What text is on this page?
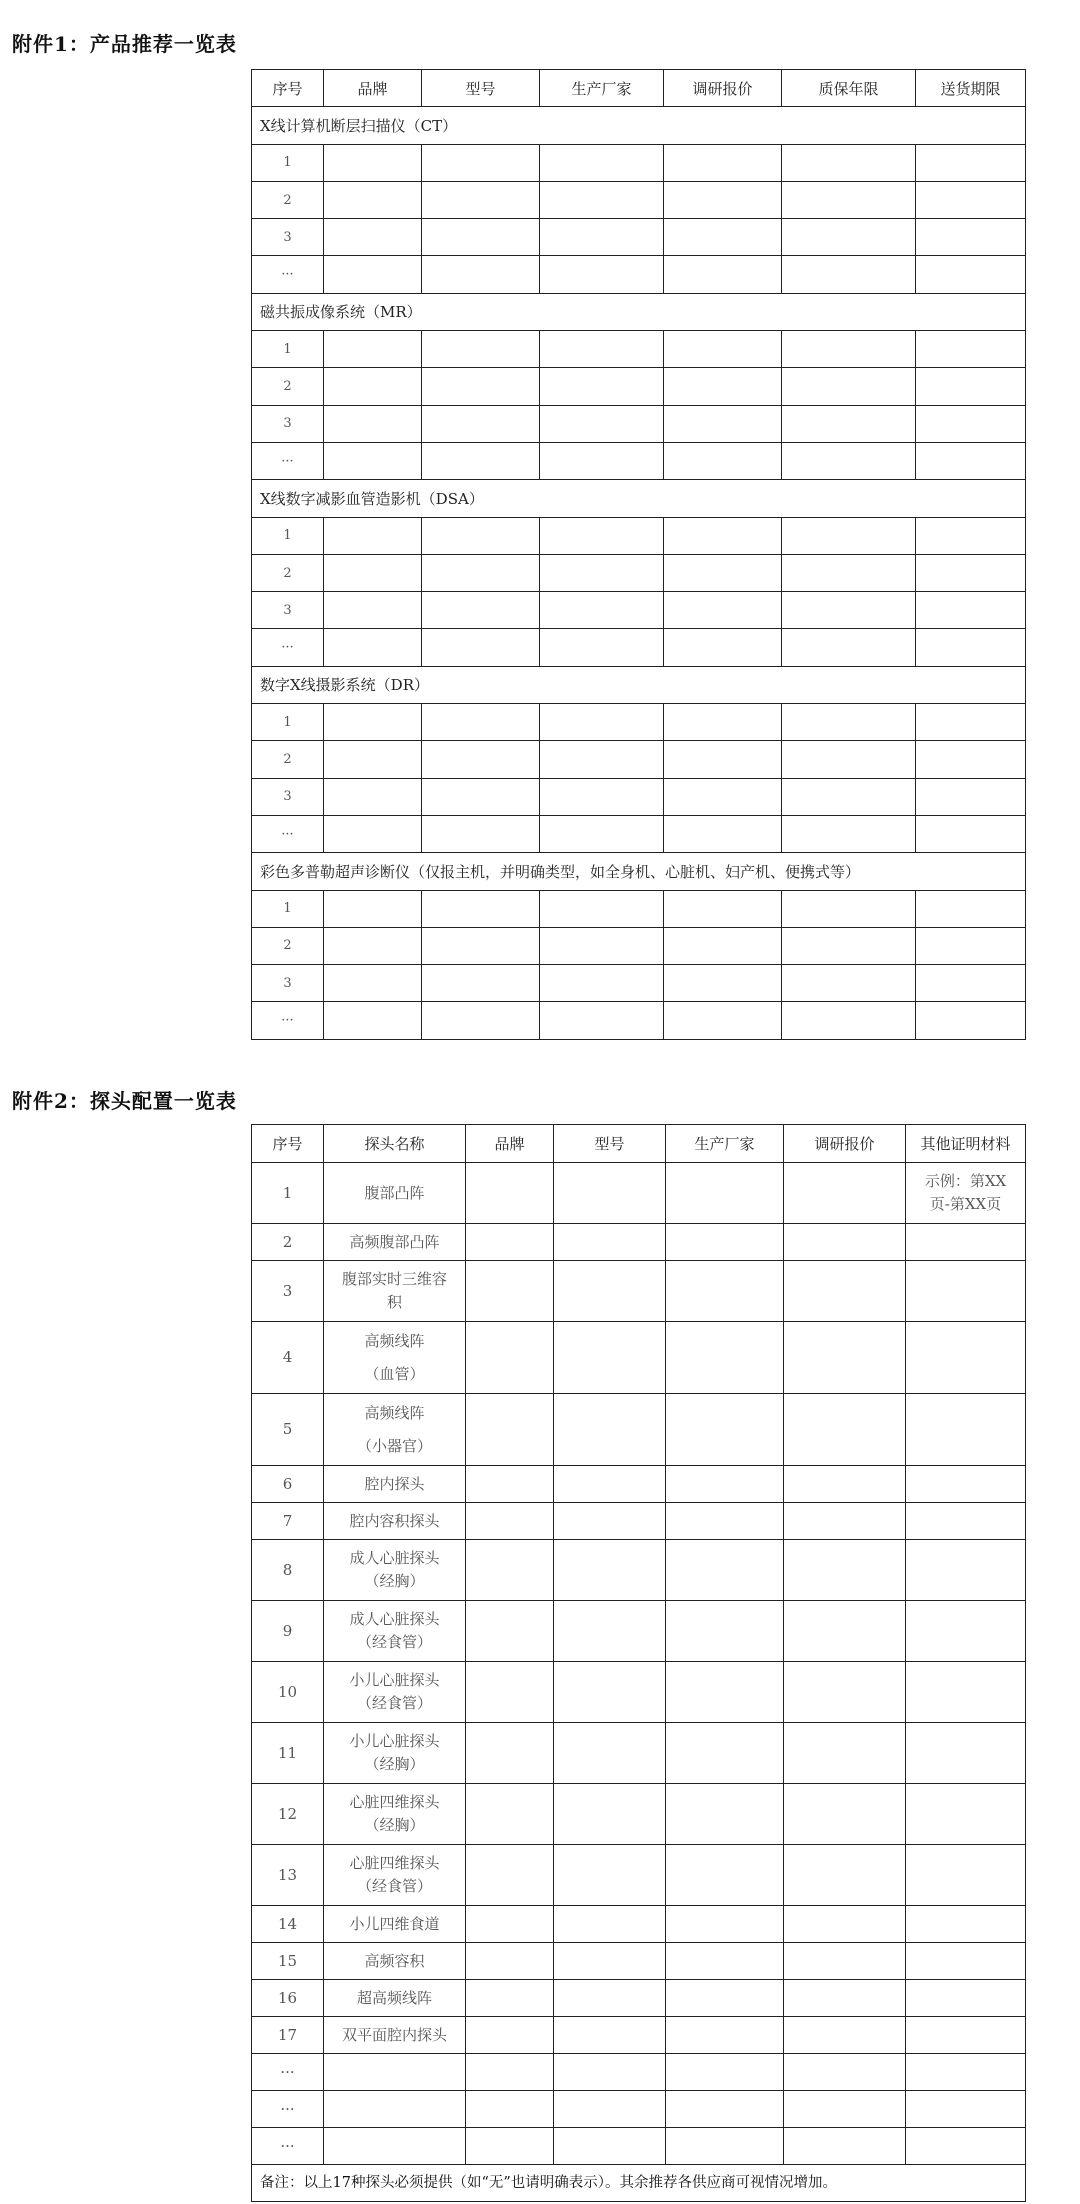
附件1：产品推荐一览表
序号	品牌	型号	生产厂家	调研报价	质保年限	送货期限
X线计算机断层扫描仪（CT）						
1						
2						
3						
···						
磁共振成像系统（MR）						
1						
2						
3						
···						
X线数字减影血管造影机（DSA）						
1						
2						
3						
···						
数字X线摄影系统（DR）						
1						
2						
3						
···						
彩色多普勒超声诊断仪（仅报主机，并明确类型，如全身机、心脏机、妇产机、便携式等）						
1						
2						
3						
···						
附件2：探头配置一览表
序号	探头名称	品牌	型号	生产厂家	调研报价	其他证明材料
1	腹部凸阵					示例：第XX
页-第XX页

2	高频腹部凸阵					

3	腹部实时三维容
积					

4	高频线阵
（血管）					

5	高频线阵
（小器官）					

6	腔内探头					

7	腔内容积探头					

8	成人心脏探头
（经胸）					

9	成人心脏探头
（经食管）					

10	小儿心脏探头
（经食管）					

11	小儿心脏探头
（经胸）					

12	心脏四维探头
（经胸）					

13	心脏四维探头
（经食管）					

14	小儿四维食道					

15	高频容积					

16	超高频线阵					

17	双平面腔内探头					

···						
···						
···						
备注：以上17种探头必须提供（如“无”也请明确表示）。其余推荐各供应商可视情况增加。						
